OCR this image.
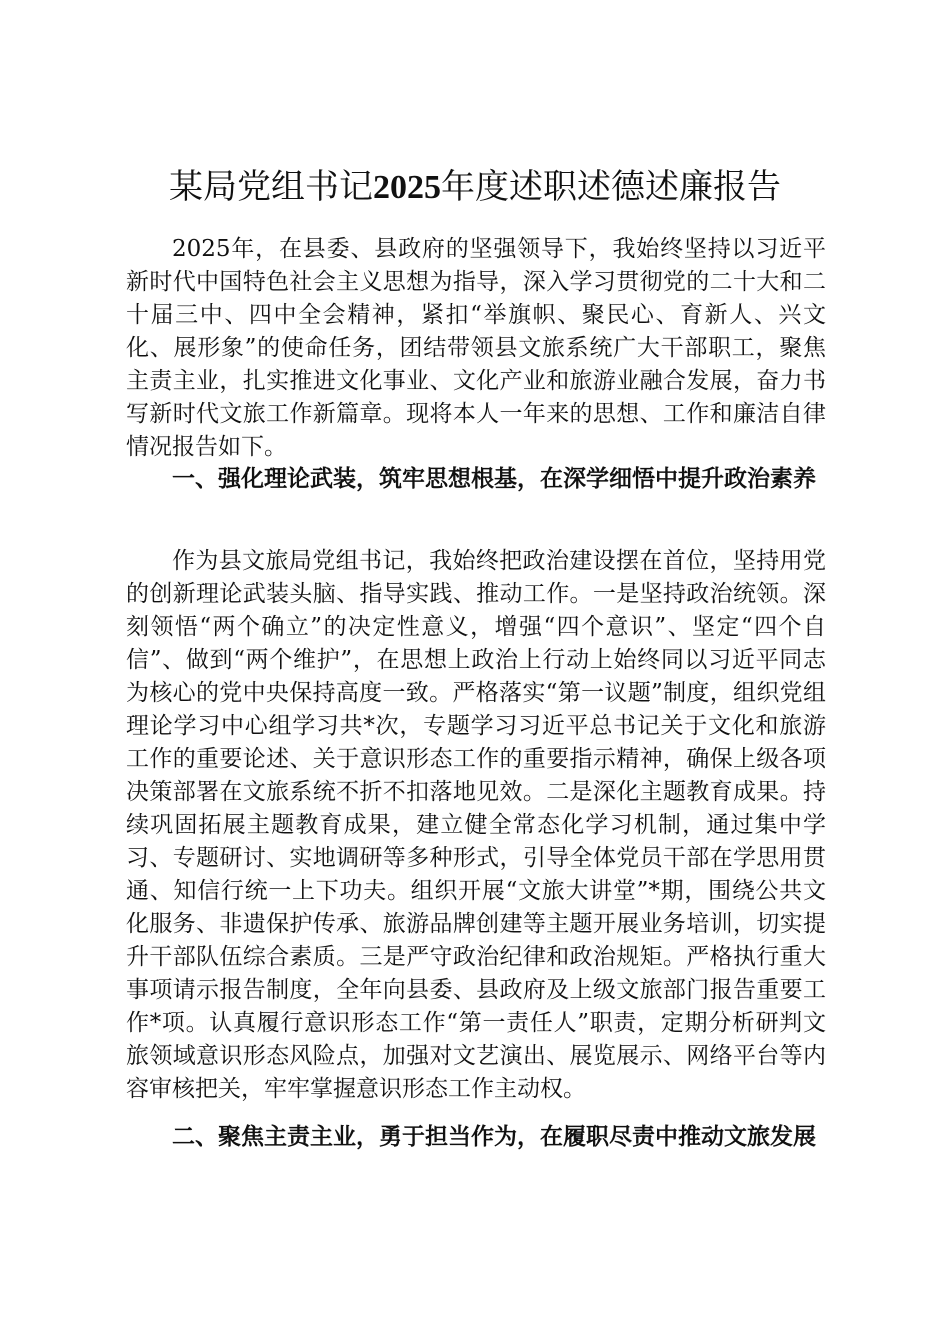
某局党组书记2025年度述职述德述廉报告

2025年，在县委、县政府的坚强领导下，我始终坚持以习近平新时代中国特色社会主义思想为指导，深入学习贯彻党的二十大和二十届三中、四中全会精神，紧扣“举旗帜、聚民心、育新人、兴文化、展形象”的使命任务，团结带领县文旅系统广大干部职工，聚焦主责主业，扎实推进文化事业、文化产业和旅游业融合发展，奋力书写新时代文旅工作新篇章。现将本人一年来的思想、工作和廉洁自律情况报告如下。

一、强化理论武装，筑牢思想根基，在深学细悟中提升政治素养

作为县文旅局党组书记，我始终把政治建设摆在首位，坚持用党的创新理论武装头脑、指导实践、推动工作。一是坚持政治统领。深刻领悟“两个确立”的决定性意义，增强“四个意识”、坚定“四个自信”、做到“两个维护”，在思想上政治上行动上始终同以习近平同志为核心的党中央保持高度一致。严格落实“第一议题”制度，组织党组理论学习中心组学习共*次，专题学习习近平总书记关于文化和旅游工作的重要论述、关于意识形态工作的重要指示精神，确保上级各项决策部署在文旅系统不折不扣落地见效。二是深化主题教育成果。持续巩固拓展主题教育成果，建立健全常态化学习机制，通过集中学习、专题研讨、实地调研等多种形式，引导全体党员干部在学思用贯通、知信行统一上下功夫。组织开展“文旅大讲堂”*期，围绕公共文化服务、非遗保护传承、旅游品牌创建等主题开展业务培训，切实提升干部队伍综合素质。三是严守政治纪律和政治规矩。严格执行重大事项请示报告制度，全年向县委、县政府及上级文旅部门报告重要工作*项。认真履行意识形态工作“第一责任人”职责，定期分析研判文旅领域意识形态风险点，加强对文艺演出、展览展示、网络平台等内容审核把关，牢牢掌握意识形态工作主动权。

二、聚焦主责主业，勇于担当作为，在履职尽责中推动文旅发展
